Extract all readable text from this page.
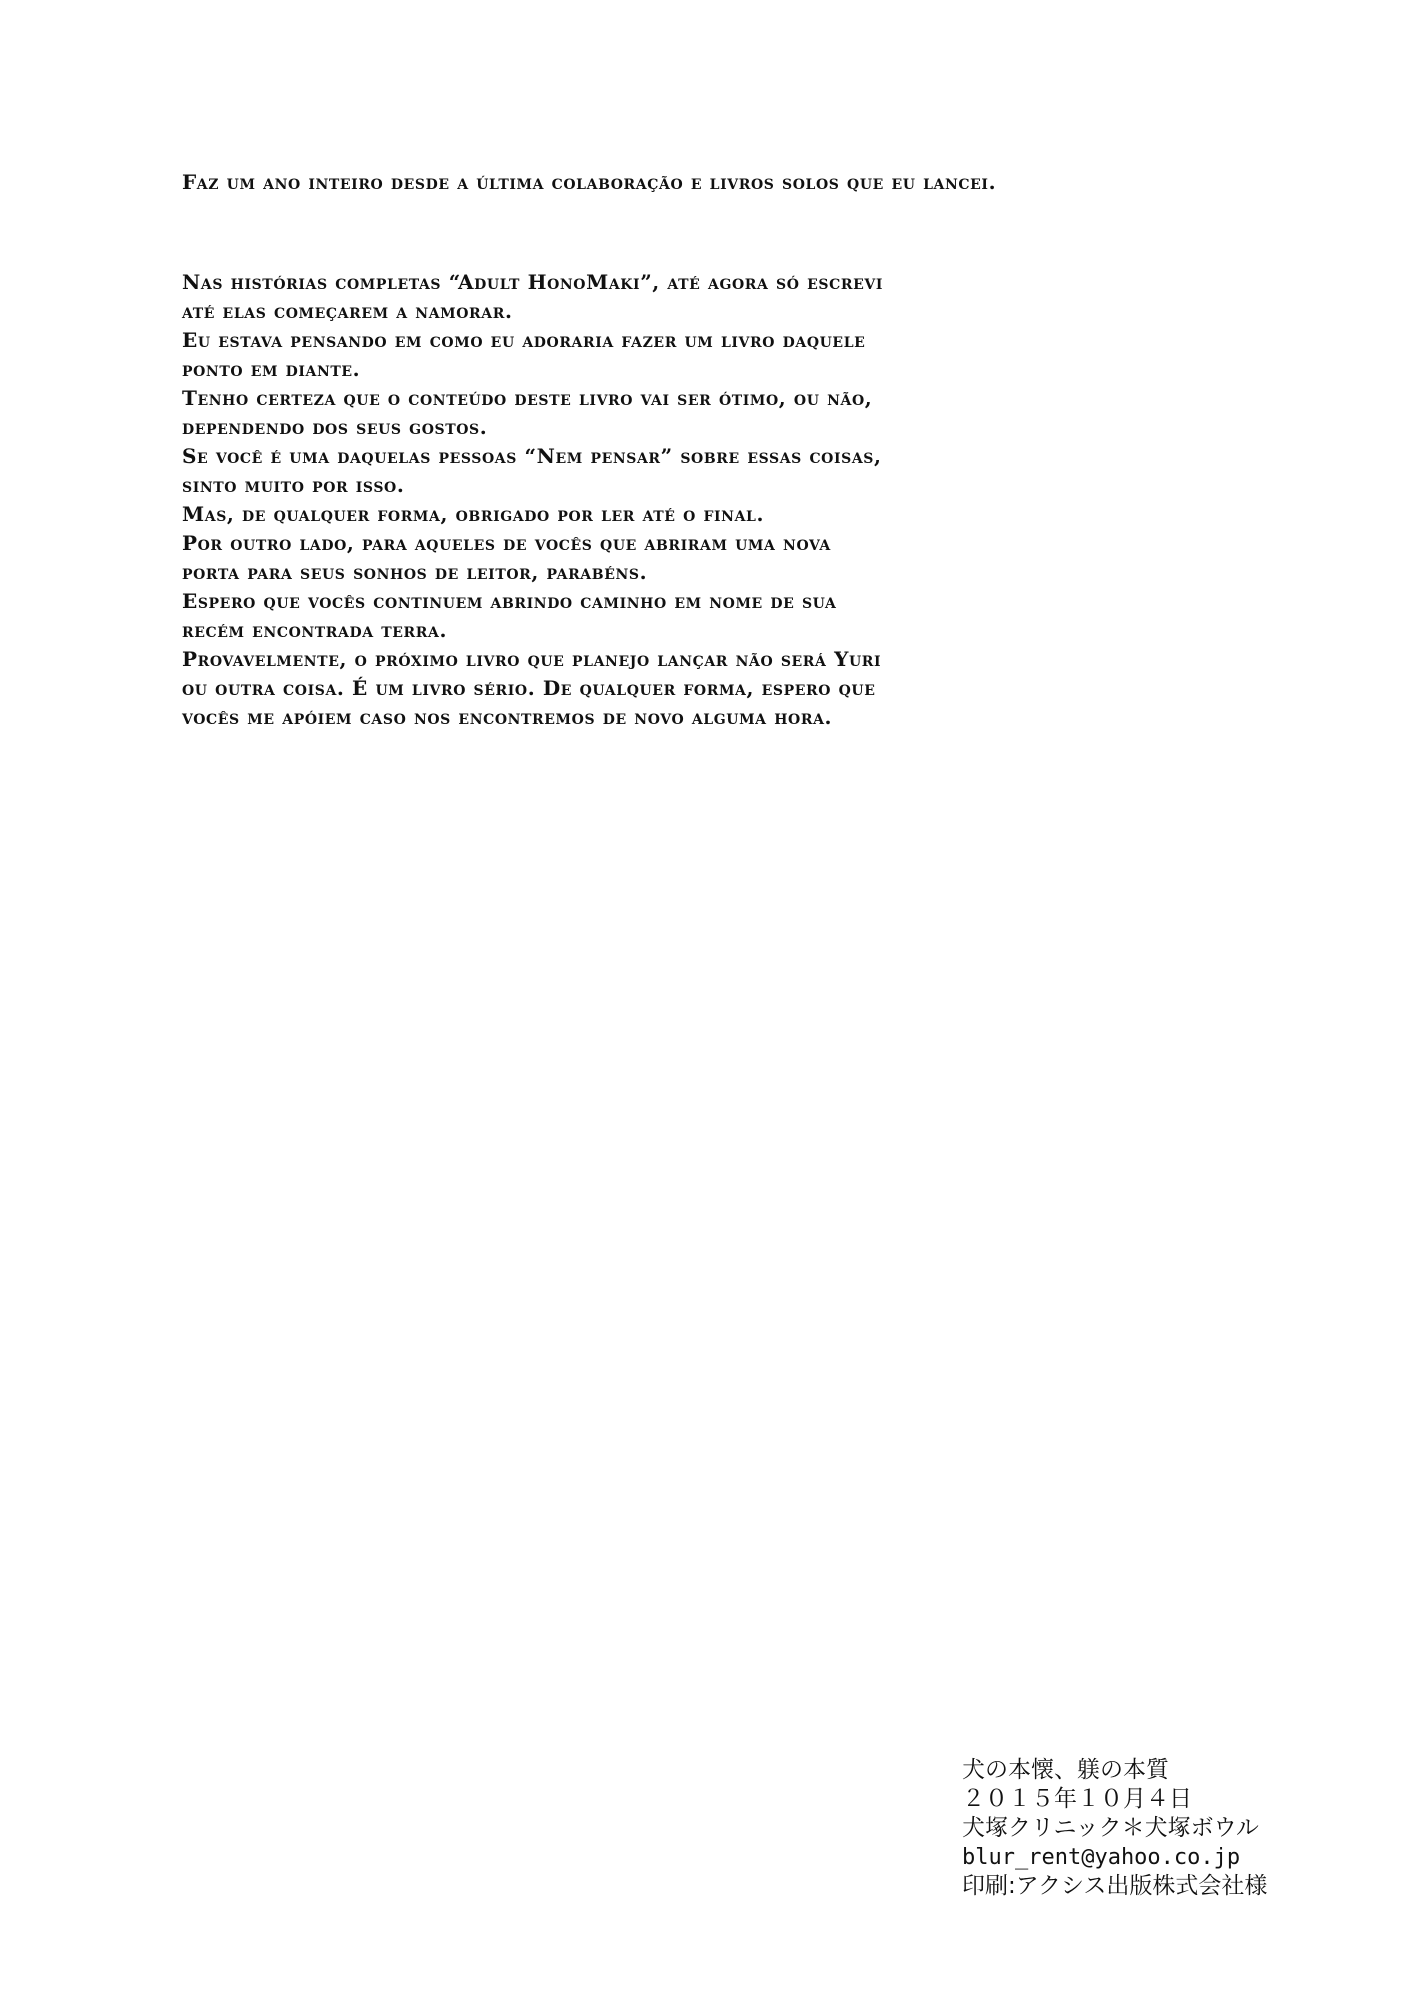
Faz um ano inteiro desde a última colaboração e livros solos que eu lancei.

Nas histórias completas “Adult HonoMaki”, até agora só escrevi
até elas começarem a namorar.
Eu estava pensando em como eu adoraria fazer um livro daquele
ponto em diante.
Tenho certeza que o conteúdo deste livro vai ser ótimo, ou não,
dependendo dos seus gostos.
Se você é uma daquelas pessoas “Nem pensar” sobre essas coisas,
sinto muito por isso.
Mas, de qualquer forma, obrigado por ler até o final.
Por outro lado, para aqueles de vocês que abriram uma nova
porta para seus sonhos de leitor, parabéns.
Espero que vocês continuem abrindo caminho em nome de sua
recém encontrada terra.
Provavelmente, o próximo livro que planejo lançar não será Yuri
ou outra coisa. É um livro sério. De qualquer forma, espero que
vocês me apóiem caso nos encontremos de novo alguma hora.
犬の本懐、躾の本質
２０１５年１０月４日
犬塚クリニック＊犬塚ボウル
blur_rent@yahoo.co.jp
印刷:アクシス出版株式会社様
